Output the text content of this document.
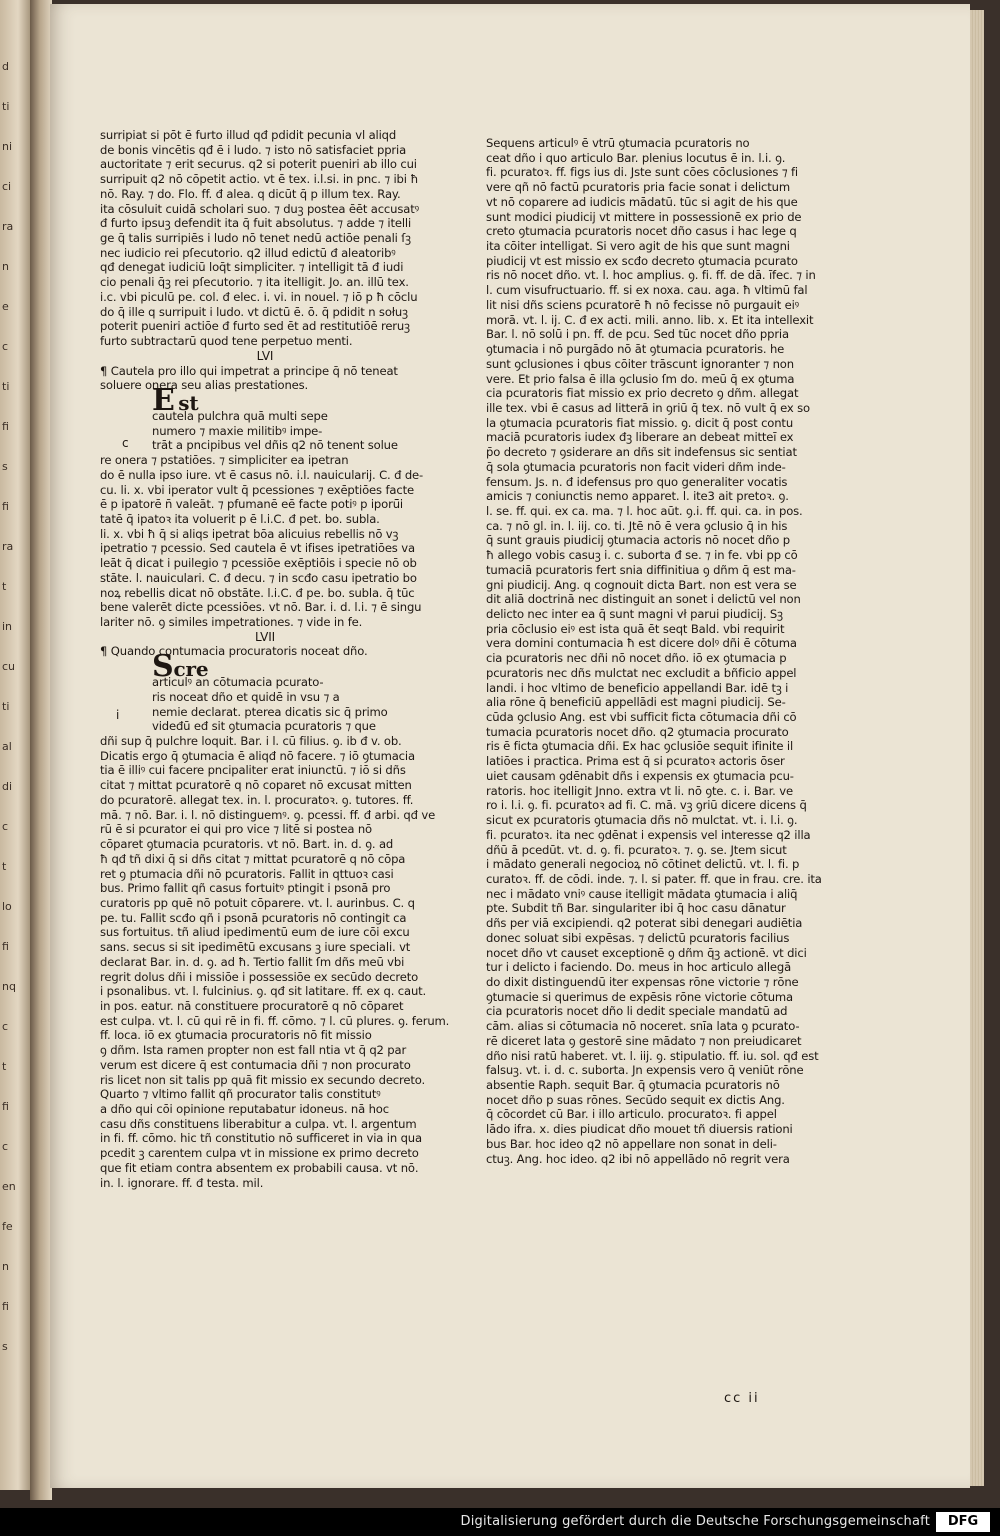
d
ti
ni
ci
ra
n
e
c
ti
fi
s
fi
ra
t
in
cu
ti
al
di
c
t
lo
fi
nq
c
t
fi
c
en
fe
n
fi
s

surripiat si pōt ē furto illud qđ pdidit pecunia vl aliqd

de bonis vincētis qđ ē i ludo. ⁊ isto nō satisfaciet ppria

auctoritate ⁊ erit securus. q2 si poterit pueniri ab illo cui

surripuit q2 nō cōpetit actio. vt ē tex. i.l.si. in pnc. ⁊ ibi ħ

nō. Ray. ⁊ do. Flo. ff. đ alea. q dicūt q̄ p illum tex. Ray.

ita cōsuluit cuidā scholari suo. ⁊ duꝫ postea ēēt accusatꝰ

đ furto ipsuꝫ defendit ita q̄ fuit absolutus. ⁊ adde ⁊ itelli

ge q̄ talis surripiēs i ludo nō tenet nedū actiōe penali ſꝫ

nec iudicio rei pſecutorio. q2 illud edictū đ aleatoribꝰ

qđ denegat iudiciū loq̄t simpliciter. ⁊ intelligit tā đ iudi

cio penali q̄ꝫ rei pſecutorio. ⁊ ita itelligit. Jo. an. illū tex.

i.c. vbi piculū pe. col. đ elec. i. vi. in nouel. ⁊ iō p ħ cōclu

do q̄ ille q surripuit i ludo. vt dictū ē. ō. q̄ pdidit n sołuꝫ

poterit pueniri actiōe đ furto sed ēt ad restitutiōē reruꝫ

furto subtractarū quod tene perpetuo menti.

LVI

¶ Cautela pro illo qui impetrat a principe q̄ nō teneat

soluere onera seu alias prestationes.

E st

cautela pulchra quā multi sepe

numero ⁊ maxie militibꝰ impe-

trāt a pncipibus vel dñis q2 nō tenent solue

re onera ⁊ pstatiōes. ⁊ simpliciter ea ipetran

do ē nulla ipso iure. vt ē casus nō. i.l. nauicularij. C. đ de-

cu. li. x. vbi iperator vult q̄ pcessiones ⁊ exēptiōes facte

ē p ipatorē n̄ valeāt. ⁊ pfumanē eē facte potiꝰ p iporū̄i

tatē q̄ ipatoꝛ ita voluerit p ē l.i.C. đ pet. bo. subla.

li. x. vbi ħ q̄ si aliqs ipetrat bōa alicuius rebellis nō vꝫ

ipetratio ⁊ pcessio. Sed cautela ē vt ifises ipetratiōes va

leāt q̄ dicat i puilegio ⁊ pcessiōe exēptiōis i specie nō ob

stāte. l. nauiculari. C. đ decu. ⁊ in scđo casu ipetratio bo

noꝝ rebellis dicat nō obstāte. l.i.C. đ pe. bo. subla. q̄ tūc

bene valerēt dicte pcessiōes. vt nō. Bar. i. d. l.i. ⁊ ē singu

lariter nō. ꝯ similes impetrationes. ⁊ vide in fe.

LVII

¶ Quando contumacia procuratoris noceat dño.

Scre

articulꝰ an cōtumacia pcurato-

ris noceat dño et quidē in vsu ⁊ a

nemie declarat. pterea dicatis sic q̄ primo

videđū eđ sit ꝯtumacia pcuratoris ⁊ que

dñi sup q̄ pulchre loquit. Bar. i l. cū filius. ꝯ. ib đ v. ob.

Dicatis ergo q̄ ꝯtumacia ē aliqđ nō facere. ⁊ iō ꝯtumacia

tia ē illiꝰ cui facere pncipaliter erat iniunctū. ⁊ iō si dñs

citat ⁊ mittat pcuratorē q nō coparet nō excusat mitten

do pcuratorē. allegat tex. in. l. procuratoꝛ. ꝯ. tutores. ff.

mā. ⁊ nō. Bar. i. l. nō distinguemꝰ. ꝯ. pcessi. ff. đ arbi. qđ ve

rū ē si pcurator ei qui pro vice ⁊ litē si postea nō

cōparet ꝯtumacia pcuratoris. vt nō. Bart. in. d. ꝯ. ad

ħ qđ tñ dixi q̄ si dñs citat ⁊ mittat pcuratorē q nō cōpa

ret ꝯ ptumacia dñi nō pcuratoris. Fallit in qttuoꝛ casi

bus. Primo fallit qñ casus fortuitꝰ ptingit i psonā pro

curatoris pp quē nō potuit cōparere. vt. l. aurinbus. C. q

pe. tu. Fallit scđo qñ i psonā pcuratoris nō contingit ca

sus fortuitus. tñ aliud ipedimentū eum de iure cōi excu

sans. secus si sit ipedimētū excusans ꝫ iure speciali. vt

declarat Bar. in. d. ꝯ. ad ħ. Tertio fallit ſm dñs meū vbi

regrit dolus dñi i missiōe i possessiōe ex secūdo decreto

i psonalibus. vt. l. fulcinius. ꝯ. qđ sit latitare. ff. ex q. caut.

in pos. eatur. nā constituere procuratorē q nō cōparet

est culpa. vt. l. cū qui rē in fi. ff. cōmo. ⁊ l. cū plures. ꝯ. ferum.

ff. loca. iō ex ꝯtumacia procuratoris nō fit missio

ꝯ dñm. Ista ramen propter non est fall ntia vt q̄ q2 par

verum est dicere q̄ est contumacia dñi ⁊ non procurato

ris licet non sit talis pp quā fit missio ex secundo decreto.

Quarto ⁊ vltimo fallit qñ procurator talis constitutꝰ

a dño qui cōi opinione reputabatur idoneus. nā hoc

casu dñs constituens liberabitur a culpa. vt. l. argentum

in fi. ff. cōmo. hic tñ constitutio nō sufficeret in via in qua

pcedit ꝫ carentem culpa vt in missione ex primo decreto

que fit etiam contra absentem ex probabili causa. vt nō.

in. l. ignorare. ff. đ testa. mil.

c
i

Sequens articulꝰ ē vtrū ꝯtumacia pcuratoris no

ceat dño i quo articulo Bar. plenius locutus ē in. l.i. ꝯ.

fi. pcuratoꝛ. ff. figs ius di. Jste sunt cōes cōclusiones ⁊ fi

vere qñ nō factū pcuratoris pria facie sonat i delictum

vt nō coparere ad iudicis mādatū. tūc si agit de his que

sunt modici piudicij vt mittere in possessionē ex prio de

creto ꝯtumacia pcuratoris nocet dño casus i hac lege q

ita cōiter intelligat. Si vero agit de his que sunt magni

piudicij vt est missio ex scđo decreto ꝯtumacia pcurato

ris nō nocet dño. vt. l. hoc amplius. ꝯ. fi. ff. de dā. īfec. ⁊ in

l. cum visufructuario. ff. si ex noxa. cau. aga. ħ vltimū fal

lit nisi dñs sciens pcuratorē ħ nō fecisse nō purgauit eiꝰ

morā. vt. l. ij. C. đ ex acti. mili. anno. lib. x. Et ita intellexit

Bar. l. nō solū i pn. ff. de pcu. Sed tūc nocet dño ppria

ꝯtumacia i nō purgādo nō āt ꝯtumacia pcuratoris. he

sunt ꝯclusiones i qbus cōiter trāscunt ignoranter ⁊ non

vere. Et prio falsa ē illa ꝯclusio ſm do. meū q̄ ex ꝯtuma

cia pcuratoris fiat missio ex prio decreto ꝯ dñm. allegat

ille tex. vbi ē casus ad litterā in ꝯriū q̄ tex. nō vult q̄ ex so

la ꝯtumacia pcuratoris fiat missio. ꝯ. dicit q̄ post contu

maciā pcuratoris iudex đꝫ liberare an debeat mitteī ex

p̄o decreto ⁊ ꝯsiderare an dñs sit indefensus sic sentiat

q̄ sola ꝯtumacia pcuratoris non facit videri dñm inde-

fensum. Js. n. đ idefensus pro quo generaliter vocatis

amicis ⁊ coniunctis nemo apparet. l. ite3 ait pretoꝛ. ꝯ.

l. se. ff. qui. ex ca. ma. ⁊ l. hoc aūt. ꝯ.i. ff. qui. ca. in pos.

ca. ⁊ nō gl. in. l. iij. co. ti. Jtē nō ē vera ꝯclusio q̄ in his

q̄ sunt grauis piudicij ꝯtumacia actoris nō nocet dño p

ħ allego vobis casuꝫ i. c. suborta đ se. ⁊ in fe. vbi pp cō

tumaciā pcuratoris fert snia diffinitiua ꝯ dñm q̄ est ma-

gni piudicij. Ang. q cognouit dicta Bart. non est vera se

dit aliā doctrinā nec distinguit an sonet i delictū vel non

delicto nec inter ea q̄ sunt magni vł parui piudicij. Sꝫ

pria cōclusio eiꝰ est ista quā ēt seqt Bald. vbi requirit

vera domini contumacia ħ est dicere dolꝰ dñi ē cōtuma

cia pcuratoris nec dñi nō nocet dño. iō ex ꝯtumacia p

pcuratoris nec dñs mulctat nec excludit a bñficio appel

landi. i hoc vltimo de beneficio appellandi Bar. idē tꝫ i

alia rōne q̄ beneficiū appellādi est magni piudicij. Se-

cūda ꝯclusio Ang. est vbi sufficit ficta cōtumacia dñi cō

tumacia pcuratoris nocet dño. q2 ꝯtumacia procurato

ris ē ficta ꝯtumacia dñi. Ex hac ꝯclusiōe sequit ifinite il

latiōes i practica. Prima est q̄ si pcuratoꝛ actoris ōser

uiet causam ꝯdēnabit dñs i expensis ex ꝯtumacia pcu-

ratoris. hoc itelligit Jnno. extra vt li. nō ꝯte. c. i. Bar. ve

ro i. l.i. ꝯ. fi. pcuratoꝛ ad fi. C. mā. vꝫ ꝯriū dicere dicens q̄

sicut ex pcuratoris ꝯtumacia dñs nō mulctat. vt. i. l.i. ꝯ.

fi. pcuratoꝛ. ita nec ꝯdēnat i expensis vel interesse q2 illa

dñū ā pcedūt. vt. d. ꝯ. fi. pcuratoꝛ. ⁊. ꝯ. se. Jtem sicut

i mādato generali negocioꝝ nō cōtinet delictū. vt. l. fi. p

curatoꝛ. ff. de cōdi. inde. ⁊. l. si pater. ff. que in frau. cre. ita

nec i mādato vniꝰ cause itelligit mādata ꝯtumacia i aliq̄

pte. Subdit tñ Bar. singulariter ibi q̄ hoc casu dānatur

dñs per viā excipiendi. q2 poterat sibi denegari audiētia

donec soluat sibi expēsas. ⁊ delictū pcuratoris facilius

nocet dño vt causet exceptionē ꝯ dñm q̄ꝫ actionē. vt dici

tur i delicto i faciendo. Do. meus in hoc articulo allegā

do dixit distinguendū iter expensas rōne victorie ⁊ rōne

ꝯtumacie si querimus de expēsis rōne victorie cōtuma

cia pcuratoris nocet dño li dedit speciale mandatū ad

cām. alias si cōtumacia nō noceret. snīa lata ꝯ pcurato-

rē diceret lata ꝯ gestorē sine mādato ⁊ non preiudicaret

dño nisi ratū haberet. vt. l. iij. ꝯ. stipulatio. ff. iu. sol. qđ est

falsuꝫ. vt. i. d. c. suborta. Jn expensis vero q̄ veniūt rōne

absentie Raph. sequit Bar. q̄ ꝯtumacia pcuratoris nō

nocet dño p suas rōnes. Secūdo sequit ex dictis Ang.

q̄ cōcordet cū Bar. i illo articulo. procuratoꝛ. fi appel

lādo ifra. x. dies piudicat dño mouet tñ diuersis rationi

bus Bar. hoc ideo q2 nō appellare non sonat in deli-

ctuꝫ. Ang. hoc ideo. q2 ibi nō appellādo nō regrit vera

cc ii
Digitalisierung gefördert durch die Deutsche Forschungsgemeinschaft	DFG
